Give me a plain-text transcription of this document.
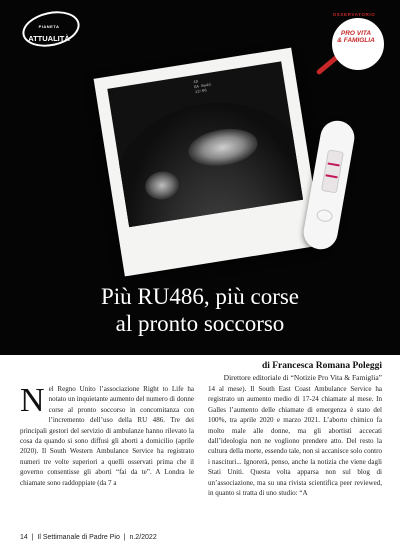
PIANETA
ATTUALITÀ
OSSERVATORIO
PRO VITA
& FAMIGLIA
4D
GA 6w4d
13:06
Più RU486, più corse
al pronto soccorso
di Francesca Romana Poleggi
Direttore editoriale di “Notizie Pro Vita & Famiglia”
N el Regno Unito l’associazione Right to Life ha notato un inquietante aumento del numero di donne corse al pronto soccorso in concomitanza con l’incremento dell’uso della RU 486. Tre dei principali gestori del servizio di ambulanze hanno rilevato la cosa da quando si sono diffusi gli aborti a domicilio (aprile 2020). Il South Western Ambulance Service ha registrato numeri tre volte superiori a quelli osservati prima che il governo consentisse gli aborti “fai da te”. A Londra le chiamate sono raddoppiate (da 7 a
14 al mese). Il South East Coast Ambulance Service ha registrato un aumento medio di 17-24 chiamate al mese. In Galles l’aumento delle chiamate di emergenza è stato del 100%, tra aprile 2020 e marzo 2021. L’aborto chimico fa molto male alle donne, ma gli abortisti accecati dall’ideologia non ne vogliono prendere atto. Del resto la cultura della morte, essendo tale, non si accanisce solo contro i nascituri... Ignorerà, penso, anche la notizia che viene dagli Stati Uniti. Questa volta apparsa non sul blog di un’associazione, ma su una rivista scientifica peer reviewed, in quanto si tratta di uno studio: “A
14  |  Il Settimanale di Padre Pio  |  n.2/2022
